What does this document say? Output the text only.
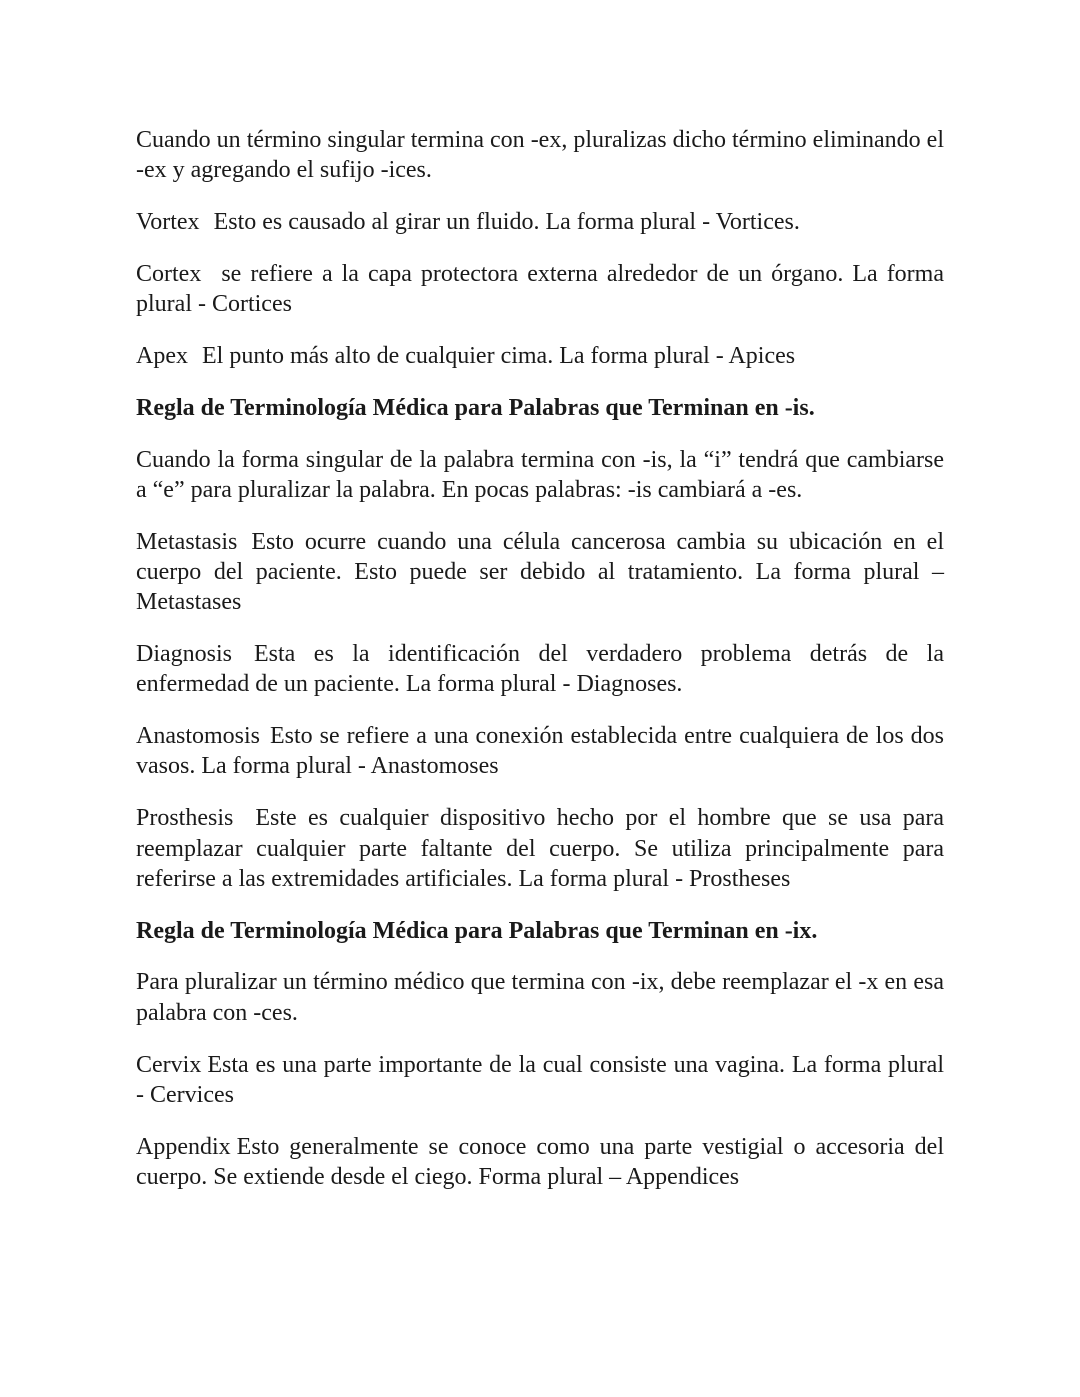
Cuando un término singular termina con -ex, pluralizas dicho término eliminando el -ex y agregando el sufijo -ices.

Vortex Esto es causado al girar un fluido. La forma plural - Vortices.

Cortex se refiere a la capa protectora externa alrededor de un órgano. La forma plural - Cortices

Apex El punto más alto de cualquier cima. La forma plural - Apices

Regla de Terminología Médica para Palabras que Terminan en -is.

Cuando la forma singular de la palabra termina con -is, la “i” tendrá que cambiarse a “e” para pluralizar la palabra. En pocas palabras: -is cambiará a -es.

Metastasis Esto ocurre cuando una célula cancerosa cambia su ubicación en el cuerpo del paciente. Esto puede ser debido al tratamiento. La forma plural – Metastases

Diagnosis Esta es la identificación del verdadero problema detrás de la enfermedad de un paciente. La forma plural - Diagnoses.

Anastomosis Esto se refiere a una conexión establecida entre cualquiera de los dos vasos. La forma plural - Anastomoses

Prosthesis Este es cualquier dispositivo hecho por el hombre que se usa para reemplazar cualquier parte faltante del cuerpo. Se utiliza principalmente para referirse a las extremidades artificiales. La forma plural - Prostheses

Regla de Terminología Médica para Palabras que Terminan en -ix.

Para pluralizar un término médico que termina con -ix, debe reemplazar el -x en esa palabra con -ces.

Cervix Esta es una parte importante de la cual consiste una vagina. La forma plural - Cervices

Appendix Esto generalmente se conoce como una parte vestigial o accesoria del cuerpo. Se extiende desde el ciego. Forma plural – Appendices
